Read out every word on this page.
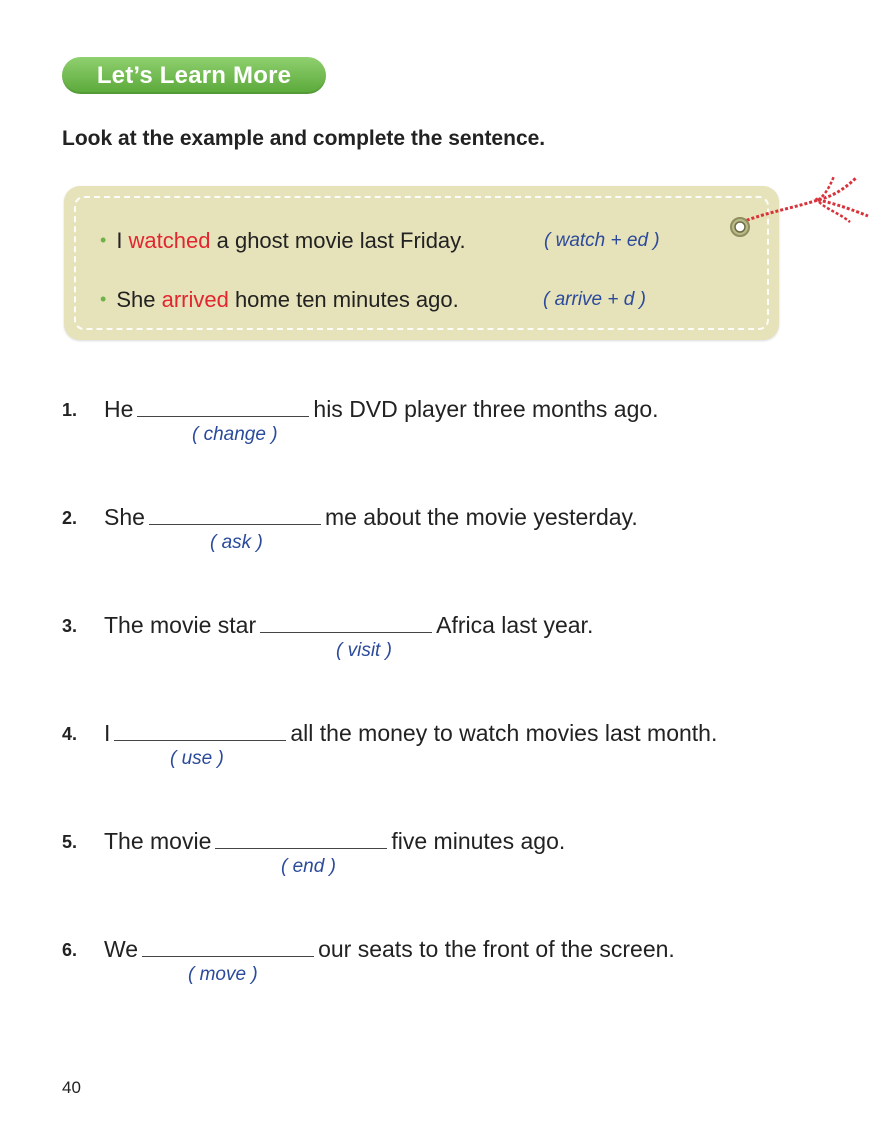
Let’s Learn More
Look at the example and complete the sentence.
• I watched a ghost movie last Friday.	( watch + ed )
• She arrived home ten minutes ago.	( arrive + d )
1. He	his DVD player three months ago.
( change )
2. She	me about the movie yesterday.
( ask )
3. The movie star	Africa last year.
( visit )
4. I	all the money to watch movies last month.
( use )
5. The movie	five minutes ago.
( end )
6. We	our seats to the front of the screen.
( move )
40
